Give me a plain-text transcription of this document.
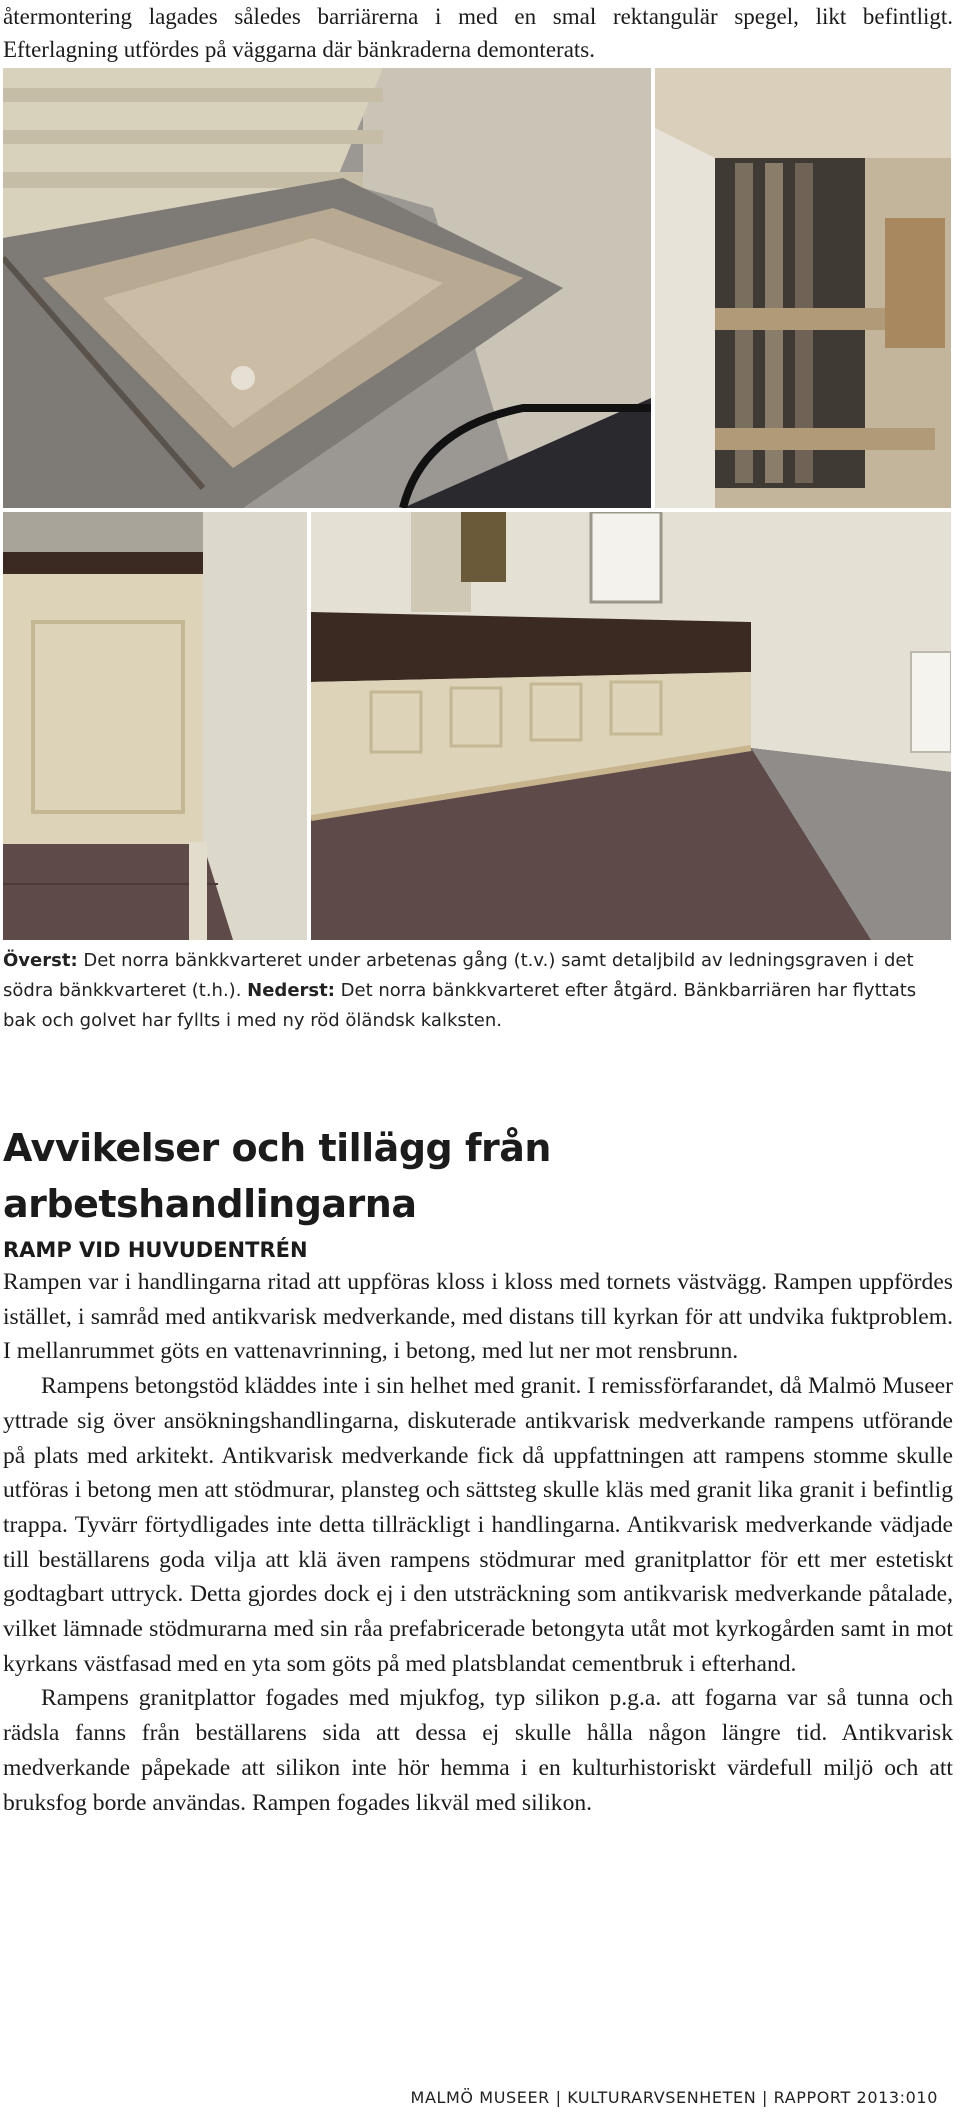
återmontering lagades således barriärerna i med en smal rektangulär spegel, likt befintligt. Efterlagning utfördes på väggarna där bänkraderna demonterats.

Överst: Det norra bänkkvarteret under arbetenas gång (t.v.) samt detaljbild av ledningsgraven i det södra bänkkvarteret (t.h.). Nederst: Det norra bänkkvarteret efter åtgärd. Bänkbarriären har flyttats bak och golvet har fyllts i med ny röd öländsk kalksten.

Avvikelser och tillägg från arbetshandlingarna
RAMP VID HUVUDENTRÉN

Rampen var i handlingarna ritad att uppföras kloss i kloss med tornets västvägg. Rampen uppfördes istället, i samråd med antikvarisk medverkande, med distans till kyrkan för att undvika fuktproblem. I mellanrummet göts en vattenavrinning, i betong, med lut ner mot rensbrunn.

Rampens betongstöd kläddes inte i sin helhet med granit. I remissförfarandet, då Malmö Museer yttrade sig över ansökningshandlingarna, diskuterade antikvarisk medverkande rampens utförande på plats med arkitekt. Antikvarisk medverkande fick då uppfattningen att rampens stomme skulle utföras i betong men att stödmurar, plansteg och sättsteg skulle kläs med granit lika granit i befintlig trappa. Tyvärr förtydligades inte detta tillräckligt i handlingarna. Antikvarisk medverkande vädjade till beställarens goda vilja att klä även rampens stödmurar med granitplattor för ett mer estetiskt godtagbart uttryck. Detta gjordes dock ej i den utsträckning som antikvarisk medverkande påtalade, vilket lämnade stödmurarna med sin råa prefabricerade betongyta utåt mot kyrkogården samt in mot kyrkans västfasad med en yta som göts på med platsblandat cementbruk i efterhand.

Rampens granitplattor fogades med mjukfog, typ silikon p.g.a. att fogarna var så tunna och rädsla fanns från beställarens sida att dessa ej skulle hålla någon längre tid. Antikvarisk medverkande påpekade att silikon inte hör hemma i en kulturhistoriskt värdefull miljö och att bruksfog borde användas. Rampen fogades likväl med silikon.

MALMÖ MUSEER | KULTURARVSENHETEN | RAPPORT 2013:010
